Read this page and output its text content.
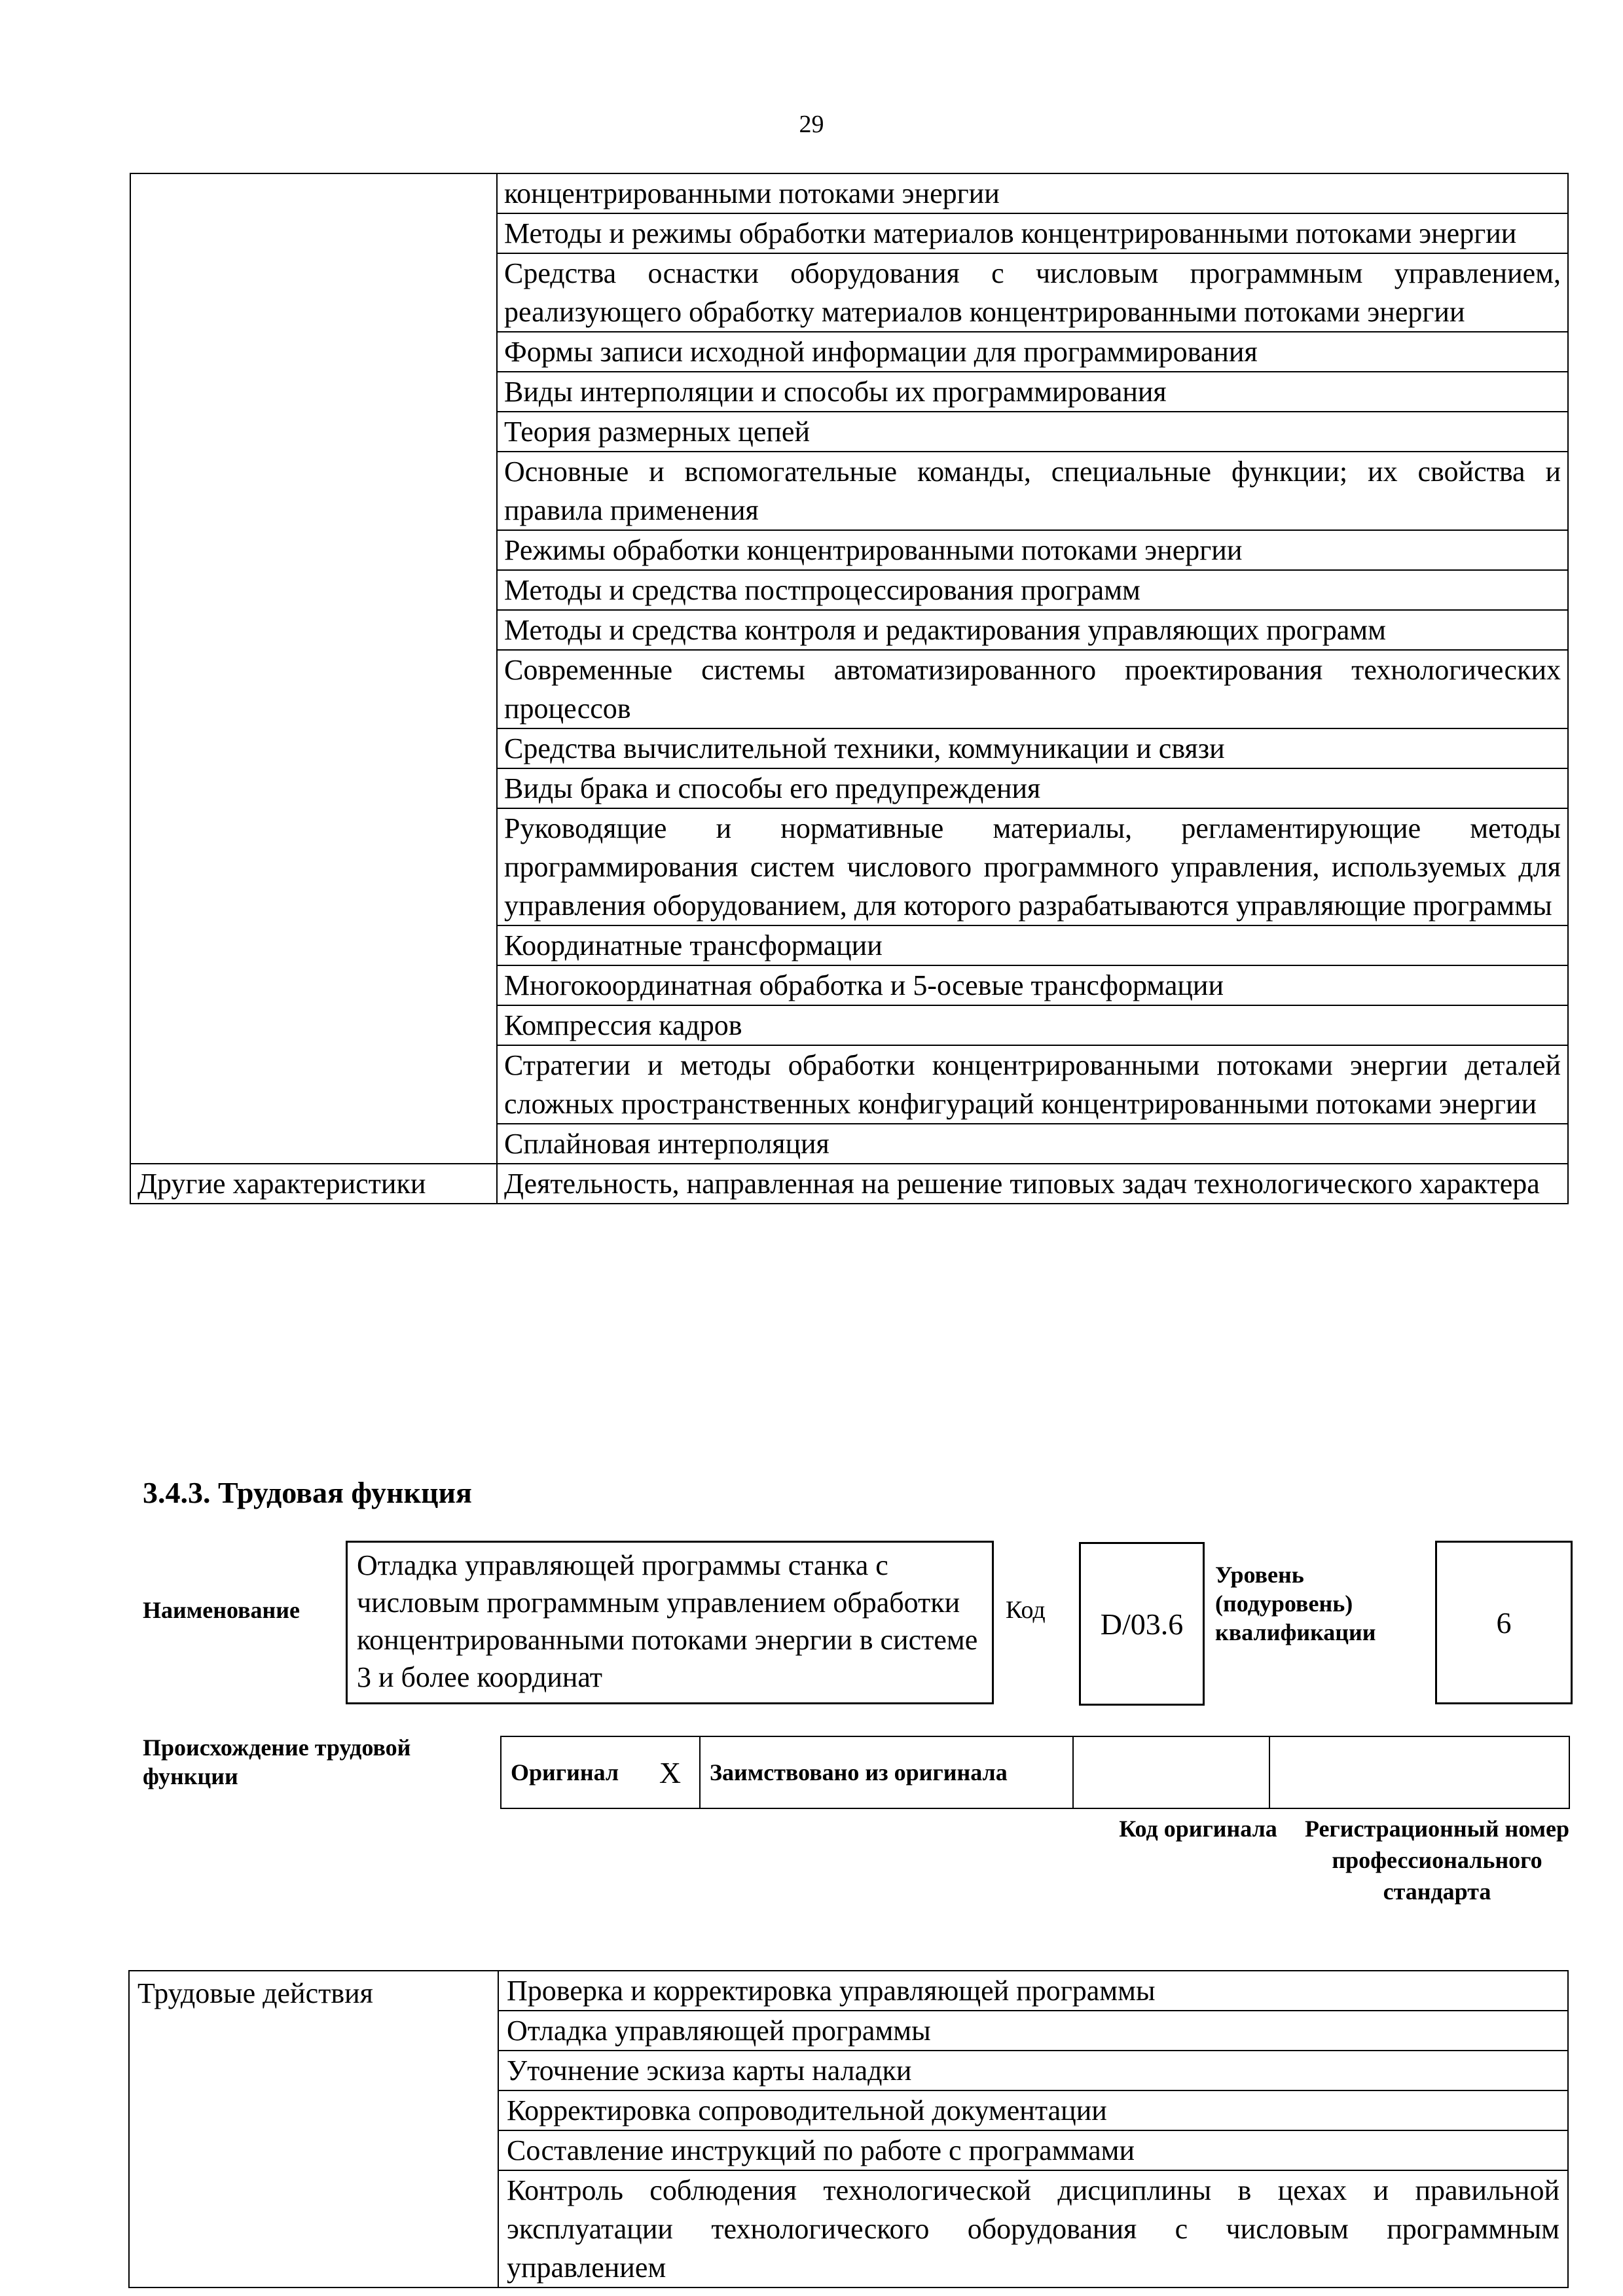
29
	концентрированными потоками энергии
	Методы и режимы обработки материалов концентрированными потоками энергии
	Средства оснастки оборудования с числовым программным управлением, реализующего обработку материалов концентрированными потоками энергии
	Формы записи исходной информации для программирования
	Виды интерполяции и способы их программирования
	Теория размерных цепей
	Основные и вспомогательные команды, специальные функции; их свойства и правила применения
	Режимы обработки концентрированными потоками энергии
	Методы и средства постпроцессирования программ
	Методы и средства контроля и редактирования управляющих программ
	Современные системы автоматизированного проектирования технологических процессов
	Средства вычислительной техники, коммуникации и связи
	Виды брака и способы его предупреждения
	Руководящие и нормативные материалы, регламентирующие методы программирования систем числового программного управления, используемых для управления оборудованием, для которого разрабатываются управляющие программы
	Координатные трансформации
	Многокоординатная обработка и 5-осевые трансформации
	Компрессия кадров
	Стратегии и методы обработки концентрированными потоками энергии деталей сложных пространственных конфигураций концентрированными потоками энергии
	Сплайновая интерполяция
Другие характеристики	Деятельность, направленная на решение типовых задач технологического характера
3.4.3. Трудовая функция
Наименование
Отладка управляющей программы станка с числовым программным управлением обработки концентрированными потоками энергии в системе 3 и более координат
Код D/03.6
Уровень (подуровень) квалификации	6
Происхождение трудовой функции	Оригинал	X	Заимствовано из оригинала		
Код оригинала	Регистрационный номер профессионального стандарта
Трудовые действия	Проверка и корректировка управляющей программы
Отладка управляющей программы
Уточнение эскиза карты наладки
Корректировка сопроводительной документации
Составление инструкций по работе с программами
Контроль соблюдения технологической дисциплины в цехах и правильной эксплуатации технологического оборудования с числовым программным управлением
